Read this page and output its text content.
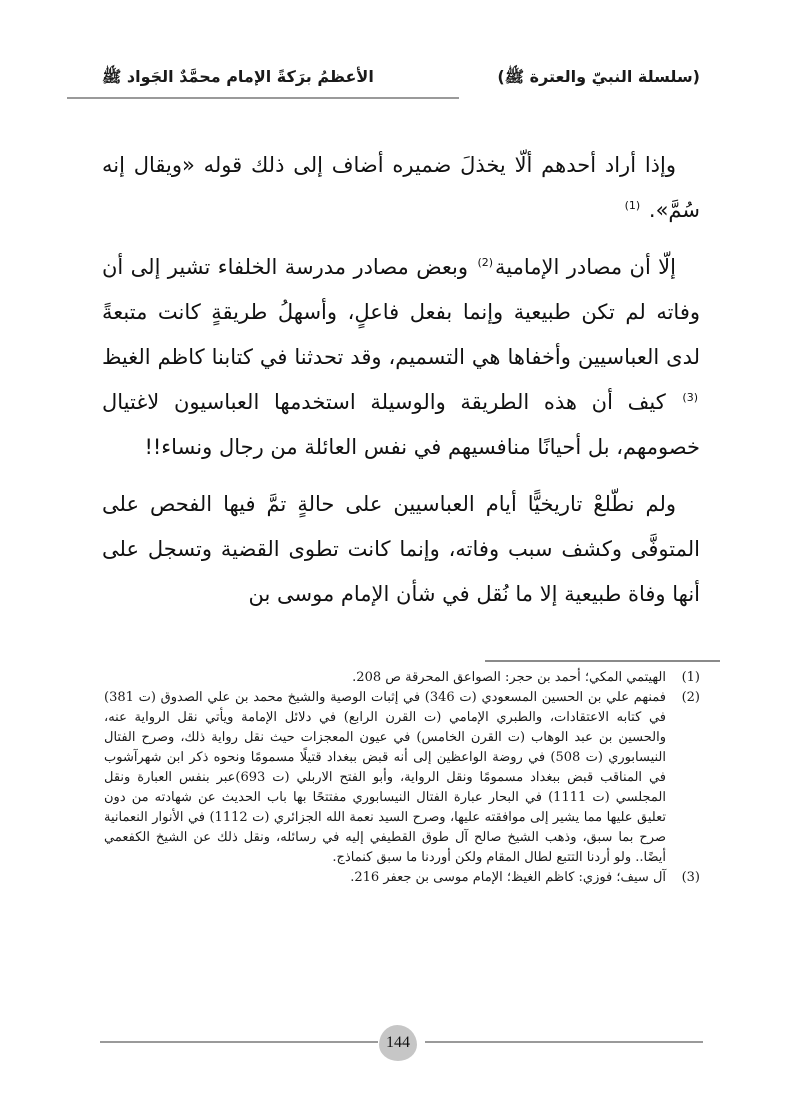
(سلسلة النبيّ والعترة ﷺ)
الأعظمُ برَكةً الإمام محمَّدٌ الجَواد ﷺ

وإذا أراد أحدهم ألّا يخذلَ ضميره أضاف إلى ذلك قوله «ويقال إنه سُمَّ». $^{(1)}$

إلّا أن مصادر الإمامية$^{(2)}$ وبعض مصادر مدرسة الخلفاء تشير إلى أن وفاته لم تكن طبيعية وإنما بفعل فاعلٍ، وأسهلُ طريقةٍ كانت متبعةً لدى العباسيين وأخفاها هي التسميم، وقد تحدثنا في كتابنا كاظم الغيظ $^{(3)}$ كيف أن هذه الطريقة والوسيلة استخدمها العباسيون لاغتيال خصومهم، بل أحيانًا منافسيهم في نفس العائلة من رجال ونساء!!

ولم نطّلعْ تاريخيًّا أيام العباسيين على حالةٍ تمَّ فيها الفحص على المتوفَّى وكشف سبب وفاته، وإنما كانت تطوى القضية وتسجل على أنها وفاة طبيعية إلا ما نُقل في شأن الإمام موسى بن

(1)
الهيتمي المكي؛ أحمد بن حجر: الصواعق المحرقة ص 208.
(2)
فمنهم علي بن الحسين المسعودي (ت 346) في إثبات الوصية والشيخ محمد بن علي الصدوق (ت 381) في كتابه الاعتقادات، والطبري الإمامي (ت القرن الرابع) في دلائل الإمامة ويأتي نقل الرواية عنه، والحسين بن عبد الوهاب (ت القرن الخامس) في عيون المعجزات حيث نقل رواية ذلك، وصرح الفتال النيسابوري (ت 508) في روضة الواعظين إلى أنه قبض ببغداد قتيلًا مسمومًا ونحوه ذكر ابن شهرآشوب في المناقب قبض ببغداد مسمومًا ونقل الرواية، وأبو الفتح الاربلي (ت 693)عبر بنفس العبارة ونقل المجلسي (ت 1111) في البحار عبارة الفتال النيسابوري مفتتحًا بها باب الحديث عن شهادته من دون تعليق عليها مما يشير إلى موافقته عليها، وصرح السيد نعمة الله الجزائري (ت 1112) في الأنوار النعمانية صرح بما سبق، وذهب الشيخ صالح آل طوق القطيفي إليه في رسائله، ونقل ذلك عن الشيخ الكفعمي أيضًا.. ولو أردنا التتبع لطال المقام ولكن أوردنا ما سبق كنماذج.
(3)
آل سيف؛ فوزي: كاظم الغيظ؛ الإمام موسى بن جعفر 216.
144
